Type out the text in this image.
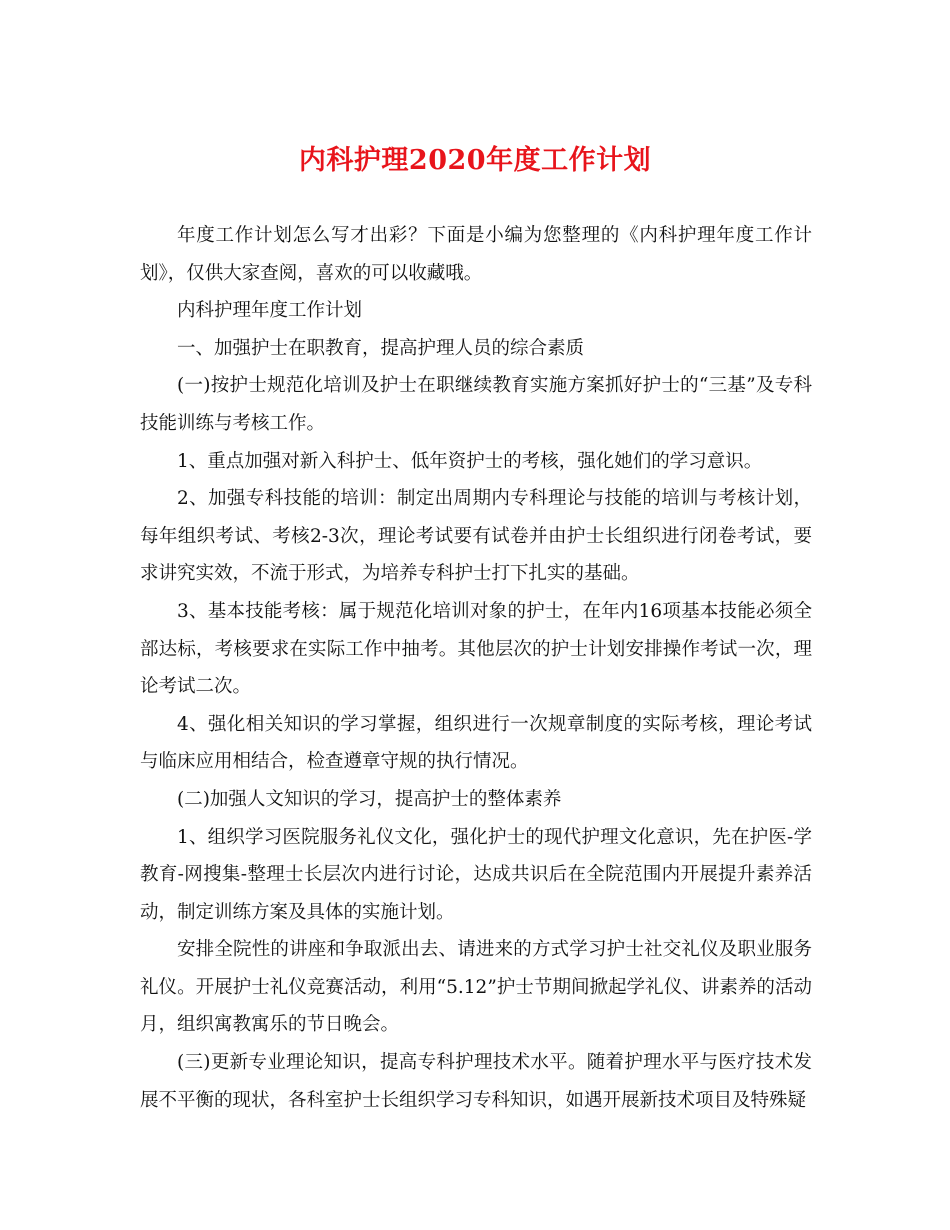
内科护理2020年度工作计划

年度工作计划怎么写才出彩？下面是小编为您整理的《内科护理年度工作计划》，仅供大家查阅，喜欢的可以收藏哦。

内科护理年度工作计划

一、加强护士在职教育，提高护理人员的综合素质

(一)按护士规范化培训及护士在职继续教育实施方案抓好护士的“三基”及专科技能训练与考核工作。

1、重点加强对新入科护士、低年资护士的考核，强化她们的学习意识。

2、加强专科技能的培训：制定出周期内专科理论与技能的培训与考核计划，每年组织考试、考核2-3次，理论考试要有试卷并由护士长组织进行闭卷考试，要求讲究实效，不流于形式，为培养专科护士打下扎实的基础。

3、基本技能考核：属于规范化培训对象的护士，在年内16项基本技能必须全部达标，考核要求在实际工作中抽考。其他层次的护士计划安排操作考试一次，理论考试二次。

4、强化相关知识的学习掌握，组织进行一次规章制度的实际考核，理论考试与临床应用相结合，检查遵章守规的执行情况。

(二)加强人文知识的学习，提高护士的整体素养

1、组织学习医院服务礼仪文化，强化护士的现代护理文化意识，先在护医-学教育-网搜集-整理士长层次内进行讨论，达成共识后在全院范围内开展提升素养活动，制定训练方案及具体的实施计划。

安排全院性的讲座和争取派出去、请进来的方式学习护士社交礼仪及职业服务礼仪。开展护士礼仪竞赛活动，利用“5.12”护士节期间掀起学礼仪、讲素养的活动月，组织寓教寓乐的节日晚会。

(三)更新专业理论知识，提高专科护理技术水平。随着护理水平与医疗技术发展不平衡的现状，各科室护士长组织学习专科知识，如遇开展新技术项目及特殊疑
